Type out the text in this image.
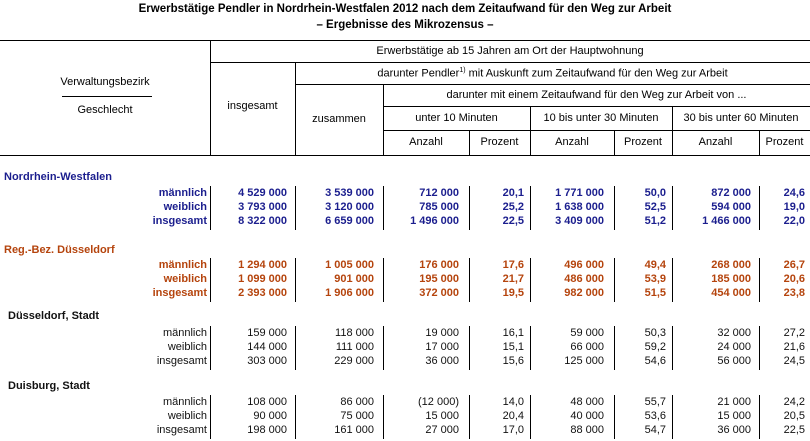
Erwerbstätige Pendler in Nordrhein-Westfalen 2012 nach dem Zeitaufwand für den Weg zur Arbeit
– Ergebnisse des Mikrozensus –
Verwaltungsbezirk
Geschlecht
Erwerbstätige ab 15 Jahren am Ort der Hauptwohnung
darunter Pendler$^{1)}$ mit Auskunft zum Zeitaufwand für den Weg zur Arbeit
darunter mit einem Zeitaufwand für den Weg zur Arbeit von ...
insgesamt
zusammen	unter 10 Minuten	10 bis unter 30 Minuten	30 bis unter 60 Minuten
Anzahl	Prozent	Anzahl	Prozent	Anzahl	Prozent
Nordrhein-Westfalen
männlich	4 529 000	3 539 000	712 000	20,1	1 771 000	50,0	872 000	24,6
weiblich	3 793 000	3 120 000	785 000	25,2	1 638 000	52,5	594 000	19,0
insgesamt	8 322 000	6 659 000	1 496 000	22,5	3 409 000	51,2	1 466 000	22,0
Reg.-Bez. Düsseldorf
männlich	1 294 000	1 005 000	176 000	17,6	496 000	49,4	268 000	26,7
weiblich	1 099 000	901 000	195 000	21,7	486 000	53,9	185 000	20,6
insgesamt	2 393 000	1 906 000	372 000	19,5	982 000	51,5	454 000	23,8
Düsseldorf, Stadt
männlich	159 000	118 000	19 000	16,1	59 000	50,3	32 000	27,2
weiblich	144 000	111 000	17 000	15,1	66 000	59,2	24 000	21,6
insgesamt	303 000	229 000	36 000	15,6	125 000	54,6	56 000	24,5
Duisburg, Stadt
männlich	108 000	86 000	(12 000)	14,0	48 000	55,7	21 000	24,2
weiblich	90 000	75 000	15 000	20,4	40 000	53,6	15 000	20,5
insgesamt	198 000	161 000	27 000	17,0	88 000	54,7	36 000	22,5
